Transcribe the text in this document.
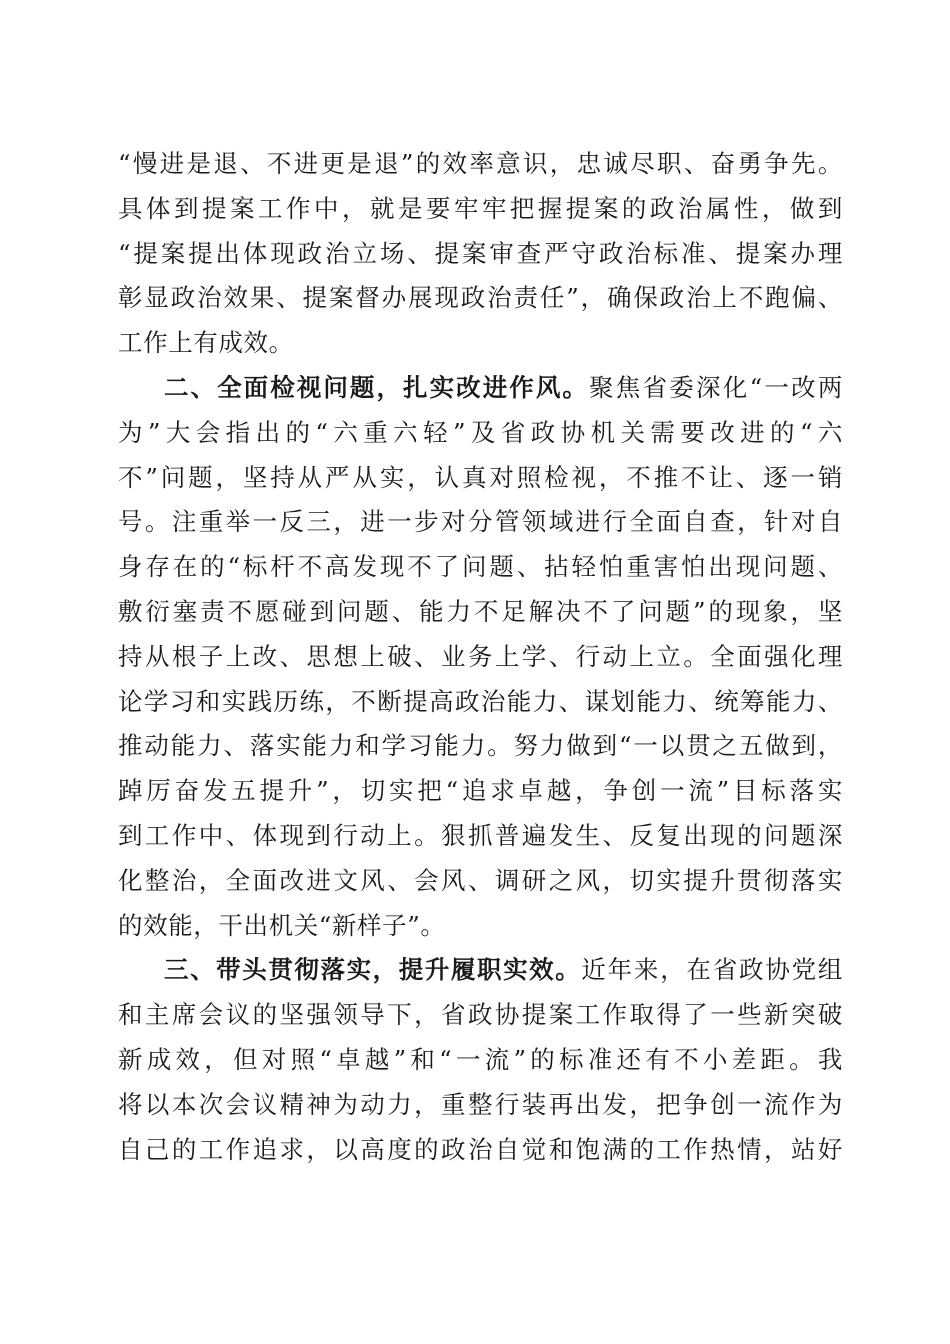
“慢进是退、不进更是退”的效率意识，忠诚尽职、奋勇争先。
具体到提案工作中，就是要牢牢把握提案的政治属性，做到
“提案提出体现政治立场、提案审查严守政治标准、提案办理
彰显政治效果、提案督办展现政治责任”，确保政治上不跑偏、
工作上有成效。
二、全面检视问题，扎实改进作风。聚焦省委深化“一改两
为”大会指出的“六重六轻”及省政协机关需要改进的“六
不”问题，坚持从严从实，认真对照检视，不推不让、逐一销
号。注重举一反三，进一步对分管领域进行全面自查，针对自
身存在的“标杆不高发现不了问题、拈轻怕重害怕出现问题、
敷衍塞责不愿碰到问题、能力不足解决不了问题”的现象，坚
持从根子上改、思想上破、业务上学、行动上立。全面强化理
论学习和实践历练，不断提高政治能力、谋划能力、统筹能力、
推动能力、落实能力和学习能力。努力做到“一以贯之五做到，
踔厉奋发五提升”，切实把“追求卓越，争创一流”目标落实
到工作中、体现到行动上。狠抓普遍发生、反复出现的问题深
化整治，全面改进文风、会风、调研之风，切实提升贯彻落实
的效能，干出机关“新样子”。
三、带头贯彻落实，提升履职实效。近年来，在省政协党组
和主席会议的坚强领导下，省政协提案工作取得了一些新突破
新成效，但对照“卓越”和“一流”的标准还有不小差距。我
将以本次会议精神为动力，重整行装再出发，把争创一流作为
自己的工作追求，以高度的政治自觉和饱满的工作热情，站好
